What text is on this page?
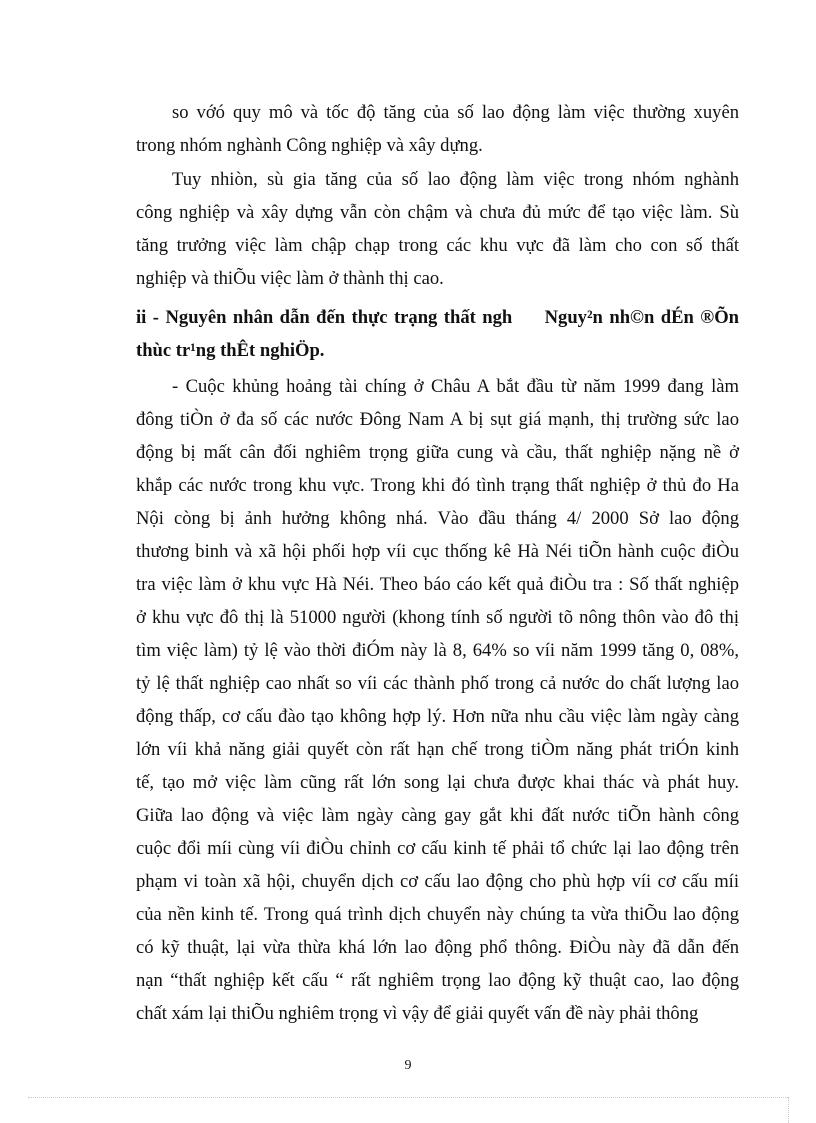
so vớó quy mô và tốc độ tăng của số lao động làm việc thường xuyên
trong nhóm nghành Công nghiệp và xây dựng.
Tuy nhiòn, sù gia tăng của số lao động làm việc trong nhóm nghành
công nghiệp và xây dựng vẫn còn chậm và chưa đủ mức để tạo việc làm. Sù
tăng trưởng việc làm chập chạp trong các khu vực đã làm cho con số thất
nghiệp và thiÕu việc làm ở thành thị cao.
ii - Nguyên nhân dẫn đến thực trạng thất ngh     Nguy²n nh©n dÉn ®Õn
thùc tr¹ng thÊt nghiÖp.
- Cuộc khủng hoảng tài chíng ở Châu A bắt đầu từ năm 1999 đang làm
đông tiÒn ở đa số các nước Đông Nam A bị sụt giá mạnh, thị trường sức lao
động bị mất cân đối nghiêm trọng giữa cung và cầu, thất nghiệp nặng nề ở
khắp các nước trong khu vực. Trong khi đó tình trạng thất nghiệp ở thủ đo Ha
Nội còng bị ảnh hưởng không nhá. Vào đầu tháng 4/ 2000 Sở lao động
thương binh và xã hội phối hợp víi cục thống kê Hà Néi tiÕn hành cuộc điÒu
tra việc làm ở khu vực Hà Néi. Theo báo cáo kết quả điÒu tra : Số thất nghiệp
ở khu vực đô thị là 51000 người (khong tính số người tõ nông thôn vào đô thị
tìm việc làm) tỷ lệ vào thời điÓm này là 8, 64% so víi năm 1999 tăng 0, 08%,
tỷ lệ thất nghiệp cao nhất so víi các thành phố trong cả nước do chất lượng lao
động thấp, cơ cấu đào tạo không hợp lý. Hơn nữa nhu cầu việc làm ngày càng
lớn víi khả năng giải quyết còn rất hạn chế trong tiÒm năng phát triÓn kinh
tế, tạo mở việc làm cũng rất lớn song lại chưa được khai thác và phát huy.
Giữa lao động và việc làm ngày càng gay gắt khi đất nước tiÕn hành công
cuộc đổi míi cùng víi điÒu chỉnh cơ cấu kinh tế phải tổ chức lại lao động trên
phạm vi toàn xã hội, chuyển dịch cơ cấu lao động cho phù hợp víi cơ cấu míi
của nền kinh tế. Trong quá trình dịch chuyển này chúng ta vừa thiÕu lao động
có kỹ thuật, lại vừa thừa khá lớn lao động phổ thông. ĐiÒu này đã dẫn đến
nạn “thất nghiệp kết cấu “ rất nghiêm trọng lao động kỹ thuật cao, lao động
chất xám lại thiÕu nghiêm trọng vì vậy để giải quyết vấn đề này phải thông
9
